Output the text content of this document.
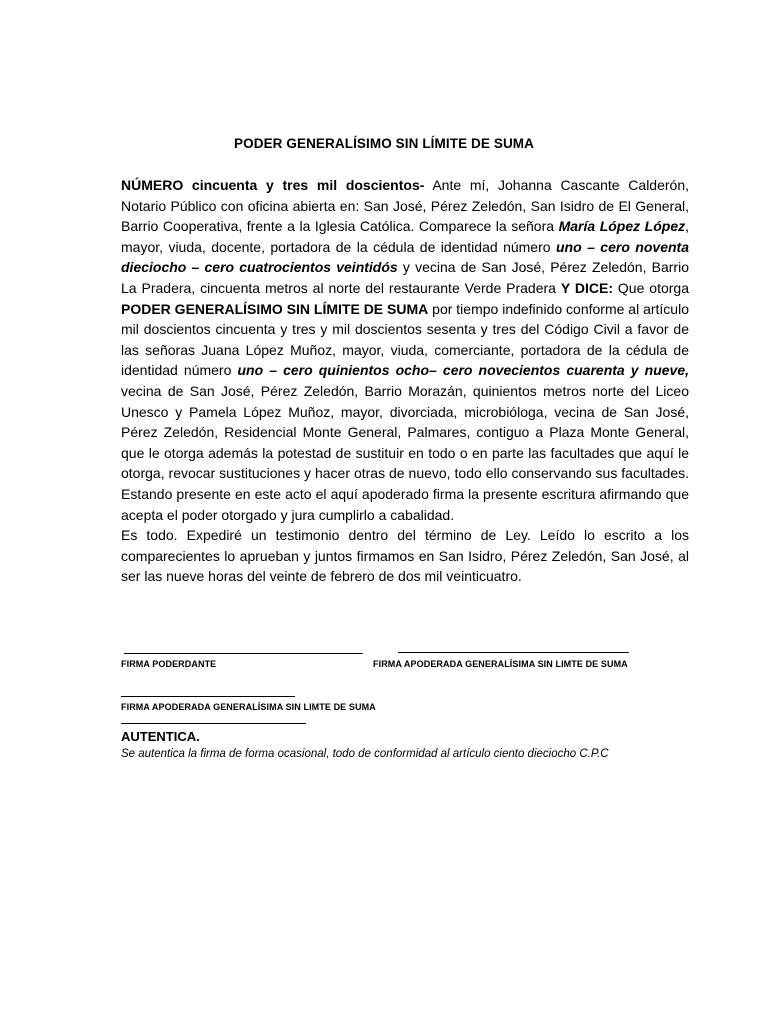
PODER GENERALÍSIMO SIN LÍMITE DE SUMA

NÚMERO cincuenta y tres mil doscientos- Ante mí, Johanna Cascante Calderón, Notario Público con oficina abierta en: San José, Pérez Zeledón, San Isidro de El General, Barrio Cooperativa, frente a la Iglesia Católica. Comparece la señora María López López, mayor, viuda, docente, portadora de la cédula de identidad número uno – cero noventa dieciocho – cero cuatrocientos veintidós y vecina de San José, Pérez Zeledón, Barrio La Pradera, cincuenta metros al norte del restaurante Verde Pradera Y DICE: Que otorga PODER GENERALÍSIMO SIN LÍMITE DE SUMA por tiempo indefinido conforme al artículo mil doscientos cincuenta y tres y mil doscientos sesenta y tres del Código Civil a favor de las señoras Juana López Muñoz, mayor, viuda, comerciante, portadora de la cédula de identidad número uno – cero quinientos ocho– cero novecientos cuarenta y nueve, vecina de San José, Pérez Zeledón, Barrio Morazán, quinientos metros norte del Liceo Unesco y Pamela López Muñoz, mayor, divorciada, microbióloga, vecina de San José, Pérez Zeledón, Residencial Monte General, Palmares, contiguo a Plaza Monte General, que le otorga además la potestad de sustituir en todo o en parte las facultades que aquí le otorga, revocar sustituciones y hacer otras de nuevo, todo ello conservando sus facultades. Estando presente en este acto el aquí apoderado firma la presente escritura afirmando que acepta el poder otorgado y jura cumplirlo a cabalidad.

Es todo. Expediré un testimonio dentro del término de Ley. Leído lo escrito a los comparecientes lo aprueban y juntos firmamos en San Isidro, Pérez Zeledón, San José, al ser las nueve horas del veinte de febrero de dos mil veinticuatro.

FIRMA PODERDANTE	FIRMA APODERADA GENERALÍSIMA SIN LIMTE DE SUMA
FIRMA APODERADA GENERALÍSIMA SIN LIMTE DE SUMA
AUTENTICA.
Se autentica la firma de forma ocasional, todo de conformidad al artículo ciento dieciocho C.P.C
